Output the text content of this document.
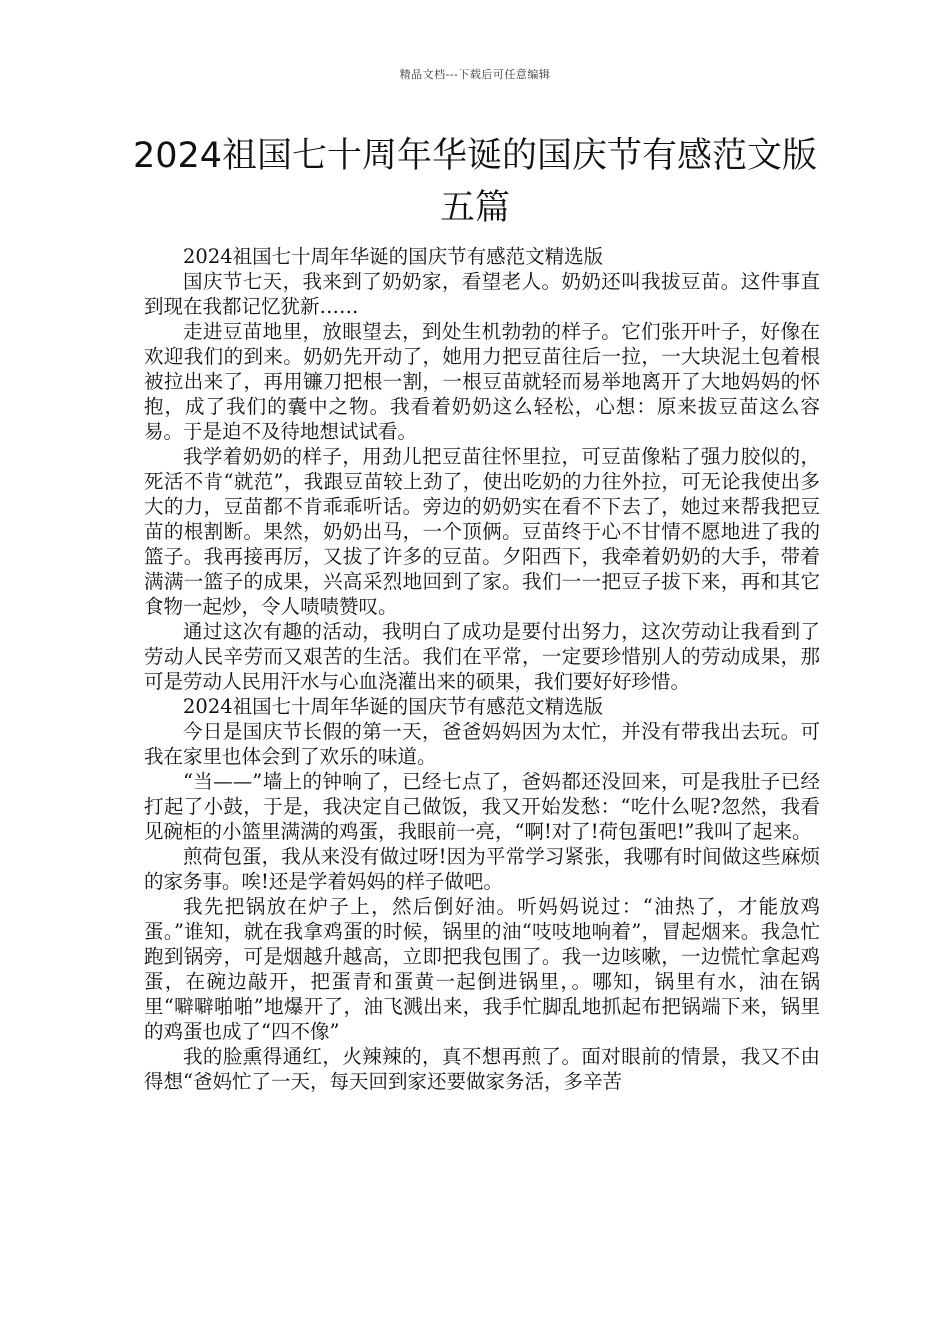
精品文档---下载后可任意编辑
2024祖国七十周年华诞的国庆节有感范文版五篇

2024祖国七十周年华诞的国庆节有感范文精选版

国庆节七天，我来到了奶奶家，看望老人。奶奶还叫我拔豆苗。这件事直到现在我都记忆犹新……

走进豆苗地里，放眼望去，到处生机勃勃的样子。它们张开叶子，好像在欢迎我们的到来。奶奶先开动了，她用力把豆苗往后一拉，一大块泥土包着根被拉出来了，再用镰刀把根一割，一根豆苗就轻而易举地离开了大地妈妈的怀抱，成了我们的囊中之物。我看着奶奶这么轻松，心想：原来拔豆苗这么容易。于是迫不及待地想试试看。

我学着奶奶的样子，用劲儿把豆苗往怀里拉，可豆苗像粘了强力胶似的，死活不肯“就范”，我跟豆苗较上劲了，使出吃奶的力往外拉，可无论我使出多大的力，豆苗都不肯乖乖听话。旁边的奶奶实在看不下去了，她过来帮我把豆苗的根割断。果然，奶奶出马，一个顶俩。豆苗终于心不甘情不愿地进了我的篮子。我再接再厉，又拔了许多的豆苗。夕阳西下，我牵着奶奶的大手，带着满满一篮子的成果，兴高采烈地回到了家。我们一一把豆子拔下来，再和其它食物一起炒，令人啧啧赞叹。

通过这次有趣的活动，我明白了成功是要付出努力，这次劳动让我看到了劳动人民辛劳而又艰苦的生活。我们在平常，一定要珍惜别人的劳动成果，那可是劳动人民用汗水与心血浇灌出来的硕果，我们要好好珍惜。

2024祖国七十周年华诞的国庆节有感范文精选版

今日是国庆节长假的第一天，爸爸妈妈因为太忙，并没有带我出去玩。可我在家里也体会到了欢乐的味道。

“当——”墙上的钟响了，已经七点了，爸妈都还没回来，可是我肚子已经打起了小鼓，于是，我决定自己做饭，我又开始发愁：“吃什么呢?忽然，我看见碗柜的小篮里满满的鸡蛋，我眼前一亮，“啊!对了!荷包蛋吧!”我叫了起来。

煎荷包蛋，我从来没有做过呀!因为平常学习紧张，我哪有时间做这些麻烦的家务事。唉!还是学着妈妈的样子做吧。

我先把锅放在炉子上，然后倒好油。听妈妈说过：“油热了，才能放鸡蛋。”谁知，就在我拿鸡蛋的时候，锅里的油“吱吱地响着”，冒起烟来。我急忙跑到锅旁，可是烟越升越高，立即把我包围了。我一边咳嗽，一边慌忙拿起鸡蛋，在碗边敲开，把蛋青和蛋黄一起倒进锅里，。哪知，锅里有水，油在锅里“噼噼啪啪”地爆开了，油飞溅出来，我手忙脚乱地抓起布把锅端下来，锅里的鸡蛋也成了“四不像”

我的脸熏得通红，火辣辣的，真不想再煎了。面对眼前的情景，我又不由得想“爸妈忙了一天，每天回到家还要做家务活，多辛苦
